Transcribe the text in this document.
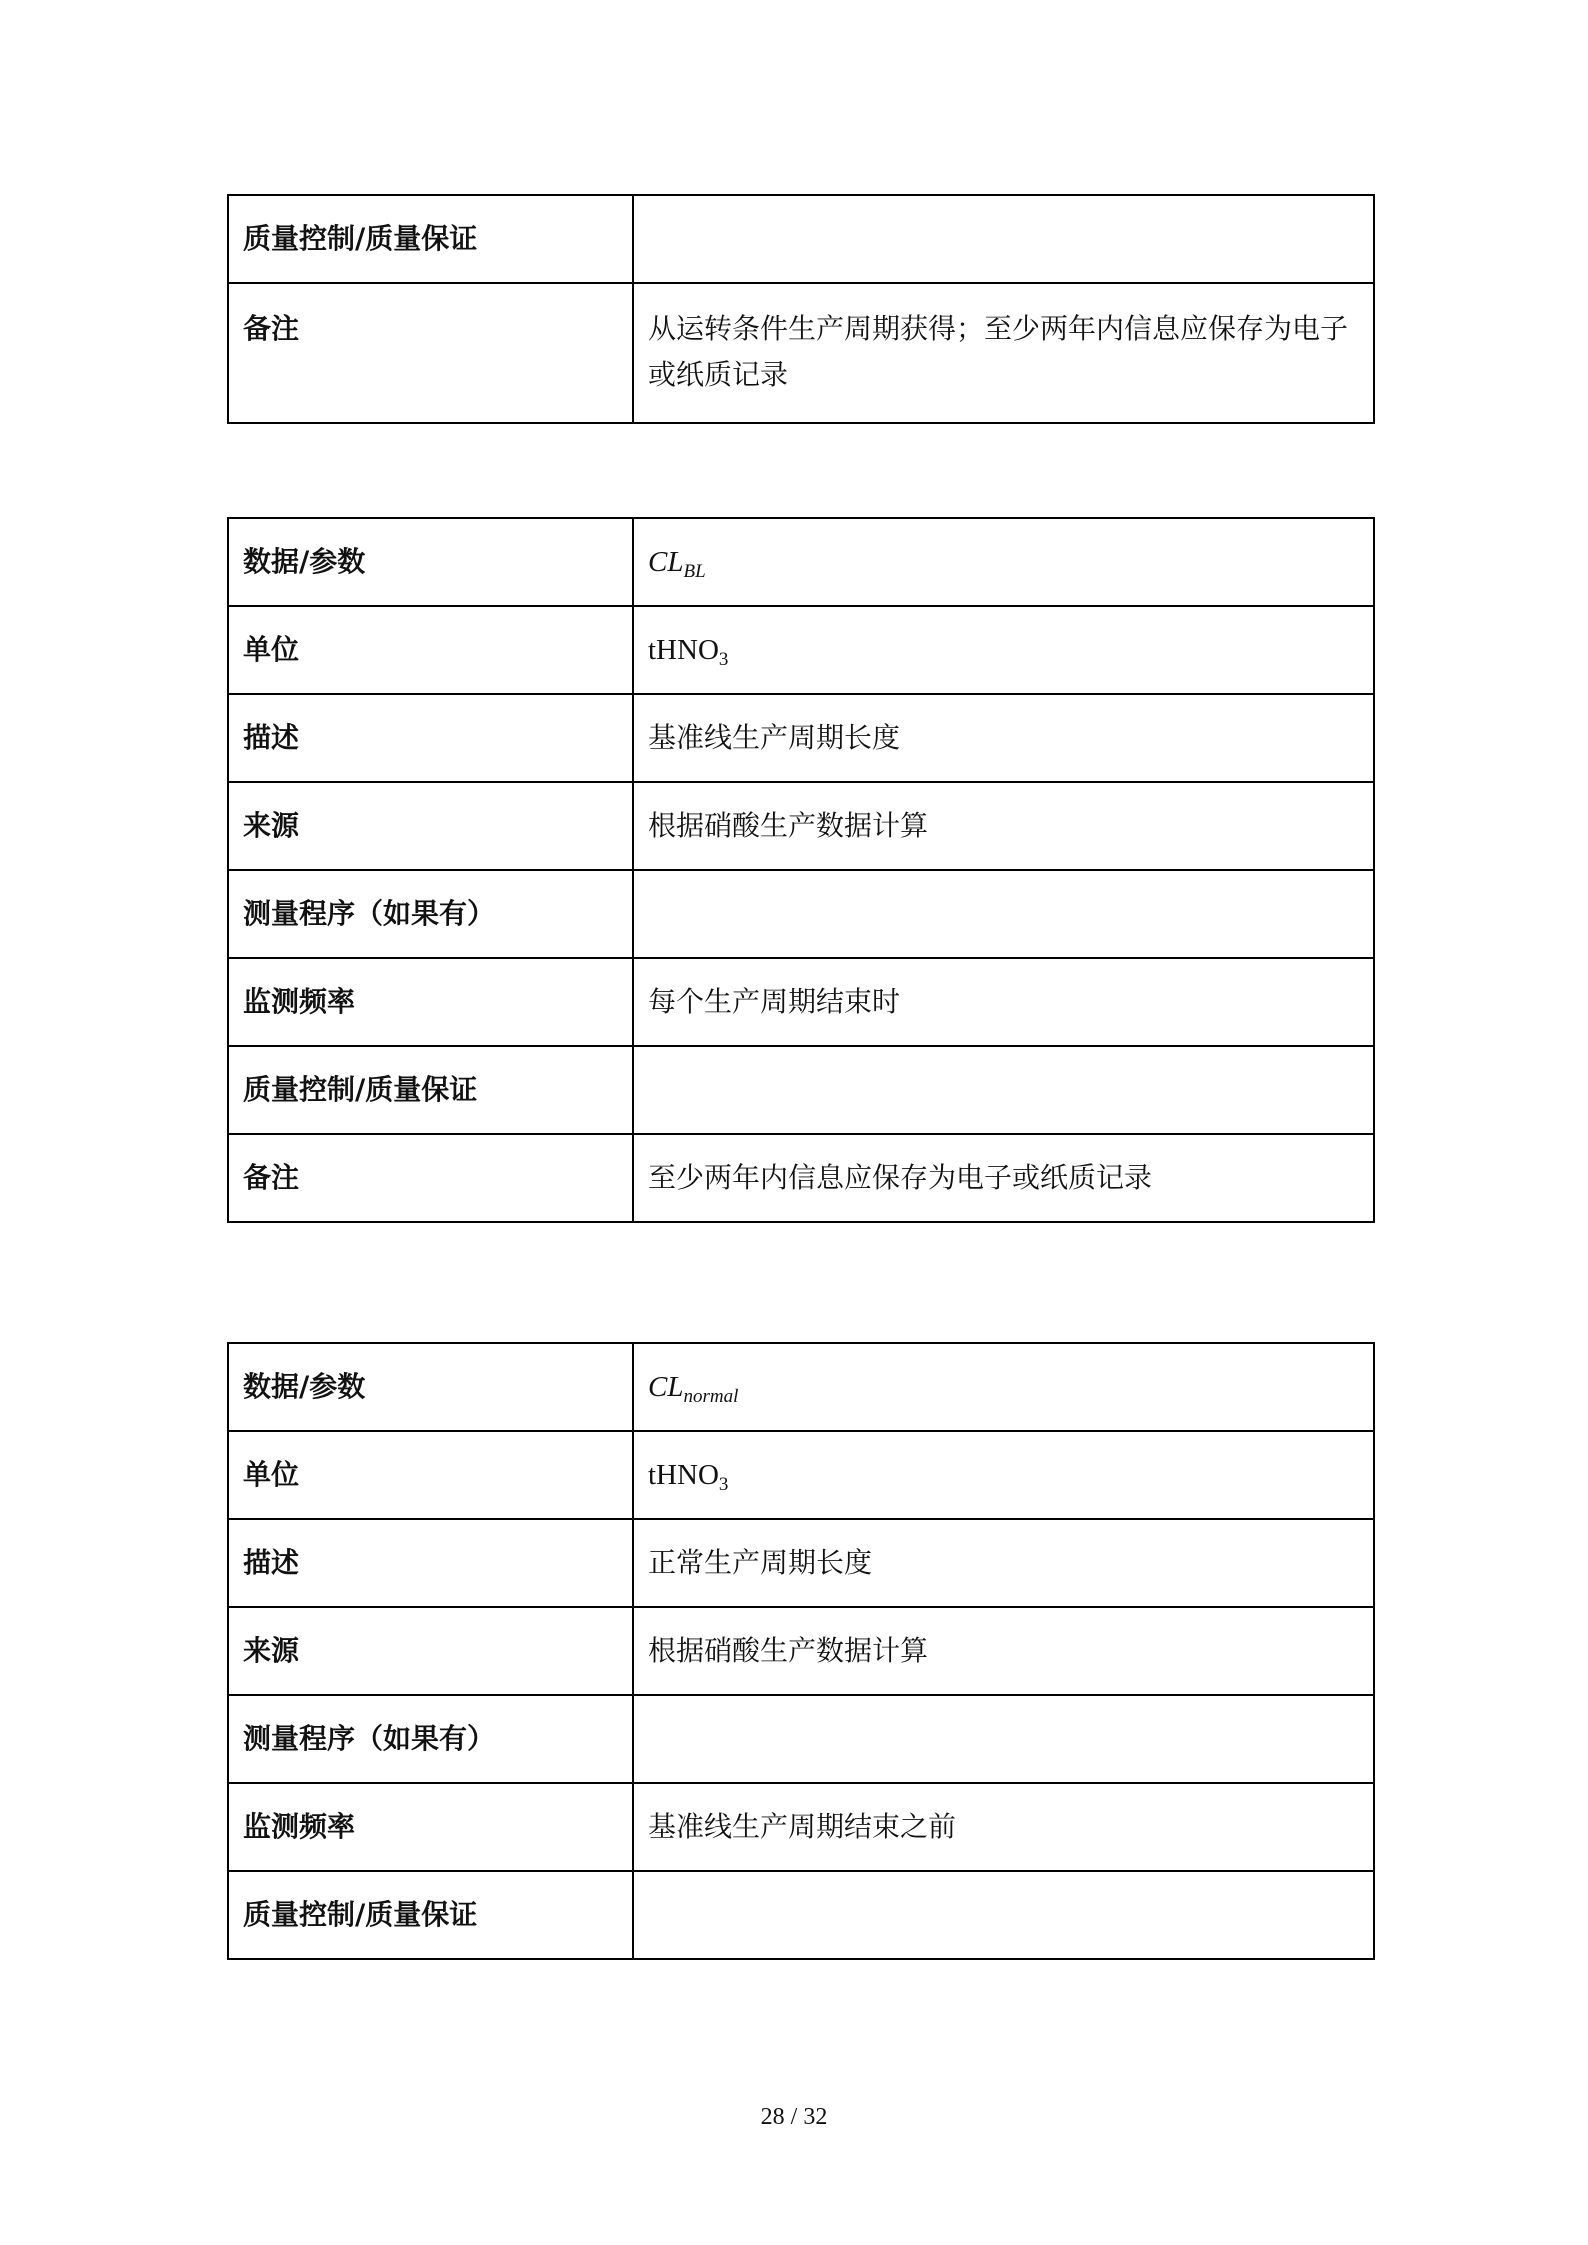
质量控制/质量保证	
备注	从运转条件生产周期获得；至少两年内信息应保存为电子或纸质记录
数据/参数	$CL_{BL}$
单位	tHNO$_3$
描述	基准线生产周期长度
来源	根据硝酸生产数据计算
测量程序（如果有）	
监测频率	每个生产周期结束时
质量控制/质量保证	
备注	至少两年内信息应保存为电子或纸质记录
数据/参数	$CL_{normal}$
单位	tHNO$_3$
描述	正常生产周期长度
来源	根据硝酸生产数据计算
测量程序（如果有）	
监测频率	基准线生产周期结束之前
质量控制/质量保证	
28 / 32
